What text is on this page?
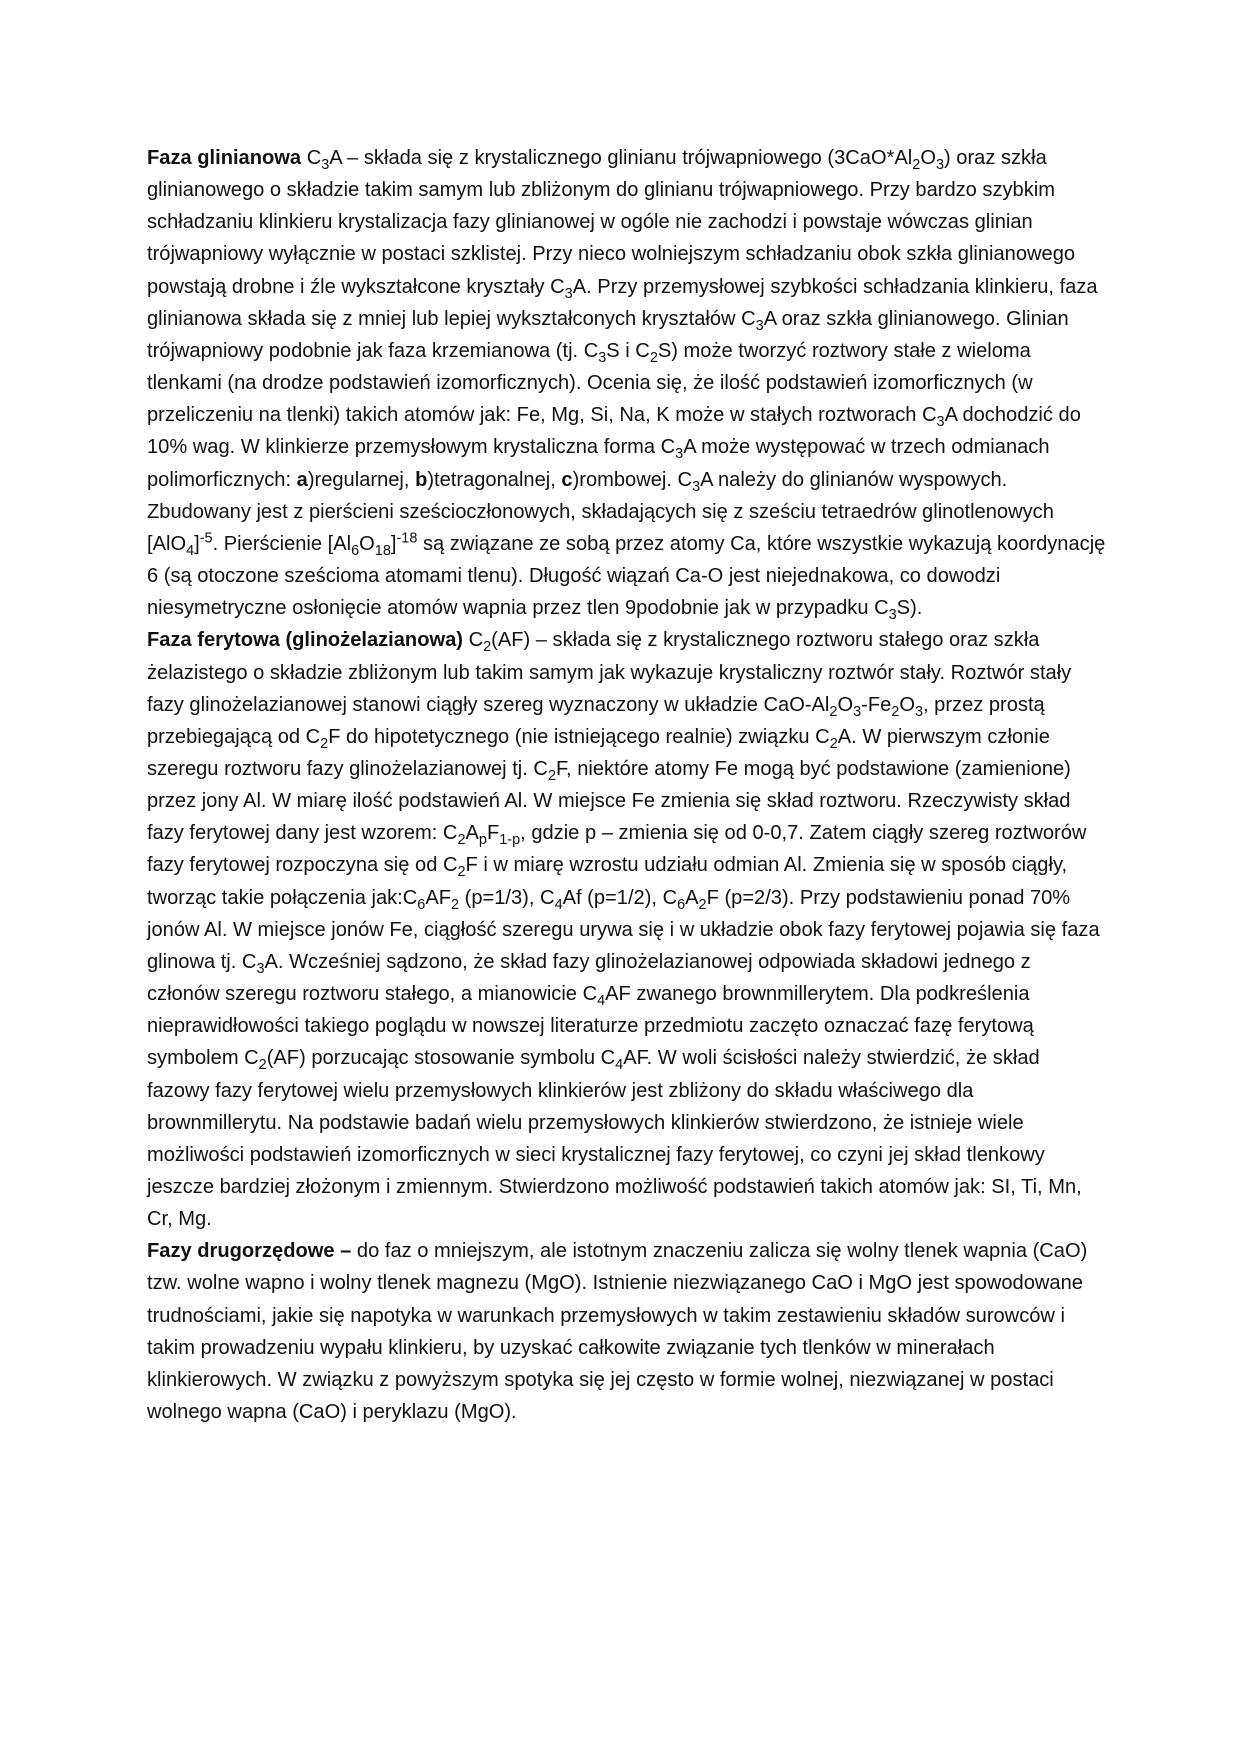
Faza glinianowa $C_3A$ – składa się z krystalicznego glinianu trójwapniowego $(3CaO*Al_2O_3)$ oraz szkła glinianowego o składzie takim samym lub zbliżonym do glinianu trójwapniowego. Przy bardzo szybkim schładzaniu klinkieru krystalizacja fazy glinianowej w ogóle nie zachodzi i powstaje wówczas glinian trójwapniowy wyłącznie w postaci szklistej. Przy nieco wolniejszym schładzaniu obok szkła glinianowego powstają drobne i źle wykształcone kryształy $C_3A$. Przy przemysłowej szybkości schładzania klinkieru, faza glinianowa składa się z mniej lub lepiej wykształconych kryształów $C_3A$ oraz szkła glinianowego. Glinian trójwapniowy podobnie jak faza krzemianowa (tj. $C_3S$ i $C_2S$) może tworzyć roztwory stałe z wieloma tlenkami (na drodze podstawień izomorficznych). Ocenia się, że ilość podstawień izomorficznych (w przeliczeniu na tlenki) takich atomów jak: Fe, Mg, Si, Na, K może w stałych roztworach $C_3A$ dochodzić do 10% wag. W klinkierze przemysłowym krystaliczna forma $C_3A$ może występować w trzech odmianach polimorficznych: a)regularnej, b)tetragonalnej, c)rombowej. $C_3A$ należy do glinianów wyspowych. Zbudowany jest z pierścieni sześcioczłonowych, składających się z sześciu tetraedrów glinotlenowych $[AlO_4]^{-5}$. Pierścienie $[Al_6O_{18}]^{-18}$ są związane ze sobą przez atomy Ca, które wszystkie wykazują koordynację 6 (są otoczone sześcioma atomami tlenu). Długość wiązań Ca-O jest niejednakowa, co dowodzi niesymetryczne osłonięcie atomów wapnia przez tlen 9podobnie jak w przypadku $C_3S$).

Faza ferytowa (glinożelazianowa) $C_2(AF)$ – składa się z krystalicznego roztworu stałego oraz szkła żelazistego o składzie zbliżonym lub takim samym jak wykazuje krystaliczny roztwór stały. Roztwór stały fazy glinożelazianowej stanowi ciągły szereg wyznaczony w układzie CaO-$Al_2O_3-Fe_2O_3$, przez prostą przebiegającą od $C_2F$ do hipotetycznego (nie istniejącego realnie) związku $C_2A$. W pierwszym członie szeregu roztworu fazy glinożelazianowej tj. $C_2F$, niektóre atomy Fe mogą być podstawione (zamienione) przez jony Al. W miarę ilość podstawień Al. W miejsce Fe zmienia się skład roztworu. Rzeczywisty skład fazy ferytowej dany jest wzorem: $C_2A_pF_{1-p}$, gdzie p – zmienia się od 0-0,7. Zatem ciągły szereg roztworów fazy ferytowej rozpoczyna się od $C_2F$ i w miarę wzrostu udziału odmian Al. Zmienia się w sposób ciągły, tworząc takie połączenia $jak:C_6AF_2$ (p=1/3), $C_4Af$ (p=1/2), $C_6A_2F$ (p=2/3). Przy podstawieniu ponad 70% jonów Al. W miejsce jonów Fe, ciągłość szeregu urywa się i w układzie obok fazy ferytowej pojawia się faza glinowa tj. $C_3A$. Wcześniej sądzono, że skład fazy glinożelazianowej odpowiada składowi jednego z członów szeregu roztworu stałego, a mianowicie $C_4AF$ zwanego brownmillerytem. Dla podkreślenia nieprawidłowości takiego poglądu w nowszej literaturze przedmiotu zaczęto oznaczać fazę ferytową symbolem $C_2(AF)$ porzucając stosowanie symbolu $C_4AF$. W woli ścisłości należy stwierdzić, że skład fazowy fazy ferytowej wielu przemysłowych klinkierów jest zbliżony do składu właściwego dla brownmillerytu. Na podstawie badań wielu przemysłowych klinkierów stwierdzono, że istnieje wiele możliwości podstawień izomorficznych w sieci krystalicznej fazy ferytowej, co czyni jej skład tlenkowy jeszcze bardziej złożonym i zmiennym. Stwierdzono możliwość podstawień takich atomów jak: SI, Ti, Mn, Cr, Mg.

Fazy drugorzędowe – do faz o mniejszym, ale istotnym znaczeniu zalicza się wolny tlenek wapnia (CaO) tzw. wolne wapno i wolny tlenek magnezu (MgO). Istnienie niezwiązanego CaO i MgO jest spowodowane trudnościami, jakie się napotyka w warunkach przemysłowych w takim zestawieniu składów surowców i takim prowadzeniu wypału klinkieru, by uzyskać całkowite związanie tych tlenków w minerałach klinkierowych. W związku z powyższym spotyka się jej często w formie wolnej, niezwiązanej w postaci wolnego wapna (CaO) i peryklazu (MgO).
